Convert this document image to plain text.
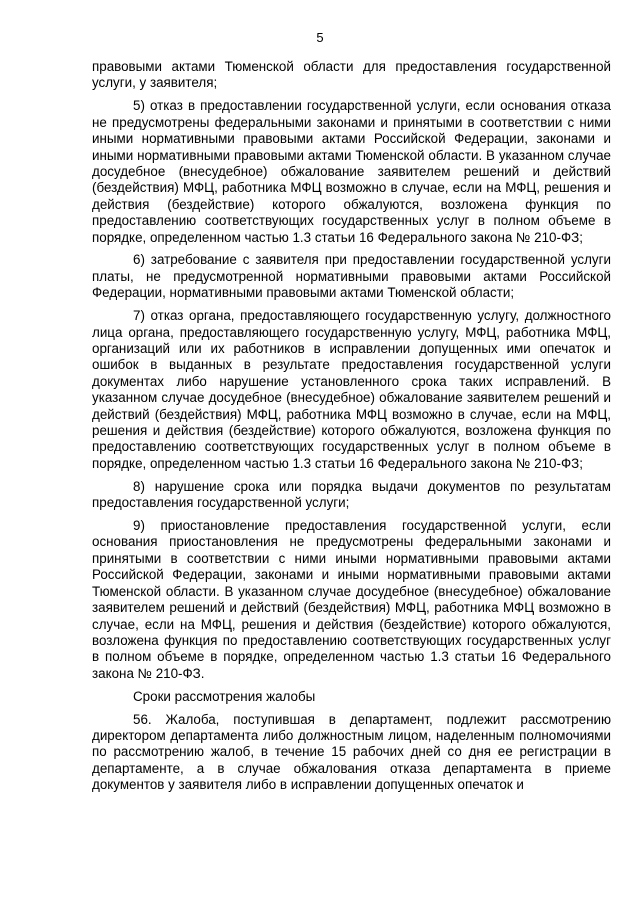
5

правовыми актами Тюменской области для предоставления государственной услуги, у заявителя;

5) отказ в предоставлении государственной услуги, если основания отказа не предусмотрены федеральными законами и принятыми в соответствии с ними иными нормативными правовыми актами Российской Федерации, законами и иными нормативными правовыми актами Тюменской области. В указанном случае досудебное (внесудебное) обжалование заявителем решений и действий (бездействия) МФЦ, работника МФЦ возможно в случае, если на МФЦ, решения и действия (бездействие) которого обжалуются, возложена функция по предоставлению соответствующих государственных услуг в полном объеме в порядке, определенном частью 1.3 статьи 16 Федерального закона № 210-ФЗ;

6) затребование с заявителя при предоставлении государственной услуги платы, не предусмотренной нормативными правовыми актами Российской Федерации, нормативными правовыми актами Тюменской области;

7) отказ органа, предоставляющего государственную услугу, должностного лица органа, предоставляющего государственную услугу, МФЦ, работника МФЦ, организаций или их работников в исправлении допущенных ими опечаток и ошибок в выданных в результате предоставления государственной услуги документах либо нарушение установленного срока таких исправлений. В указанном случае досудебное (внесудебное) обжалование заявителем решений и действий (бездействия) МФЦ, работника МФЦ возможно в случае, если на МФЦ, решения и действия (бездействие) которого обжалуются, возложена функция по предоставлению соответствующих государственных услуг в полном объеме в порядке, определенном частью 1.3 статьи 16 Федерального закона № 210-ФЗ;

8) нарушение срока или порядка выдачи документов по результатам предоставления государственной услуги;

9) приостановление предоставления государственной услуги, если основания приостановления не предусмотрены федеральными законами и принятыми в соответствии с ними иными нормативными правовыми актами Российской Федерации, законами и иными нормативными правовыми актами Тюменской области. В указанном случае досудебное (внесудебное) обжалование заявителем решений и действий (бездействия) МФЦ, работника МФЦ возможно в случае, если на МФЦ, решения и действия (бездействие) которого обжалуются, возложена функция по предоставлению соответствующих государственных услуг в полном объеме в порядке, определенном частью 1.3 статьи 16 Федерального закона № 210-ФЗ.

Сроки рассмотрения жалобы

56. Жалоба, поступившая в департамент, подлежит рассмотрению директором департамента либо должностным лицом, наделенным полномочиями по рассмотрению жалоб, в течение 15 рабочих дней со дня ее регистрации в департаменте, а в случае обжалования отказа департамента в приеме документов у заявителя либо в исправлении допущенных опечаток и
